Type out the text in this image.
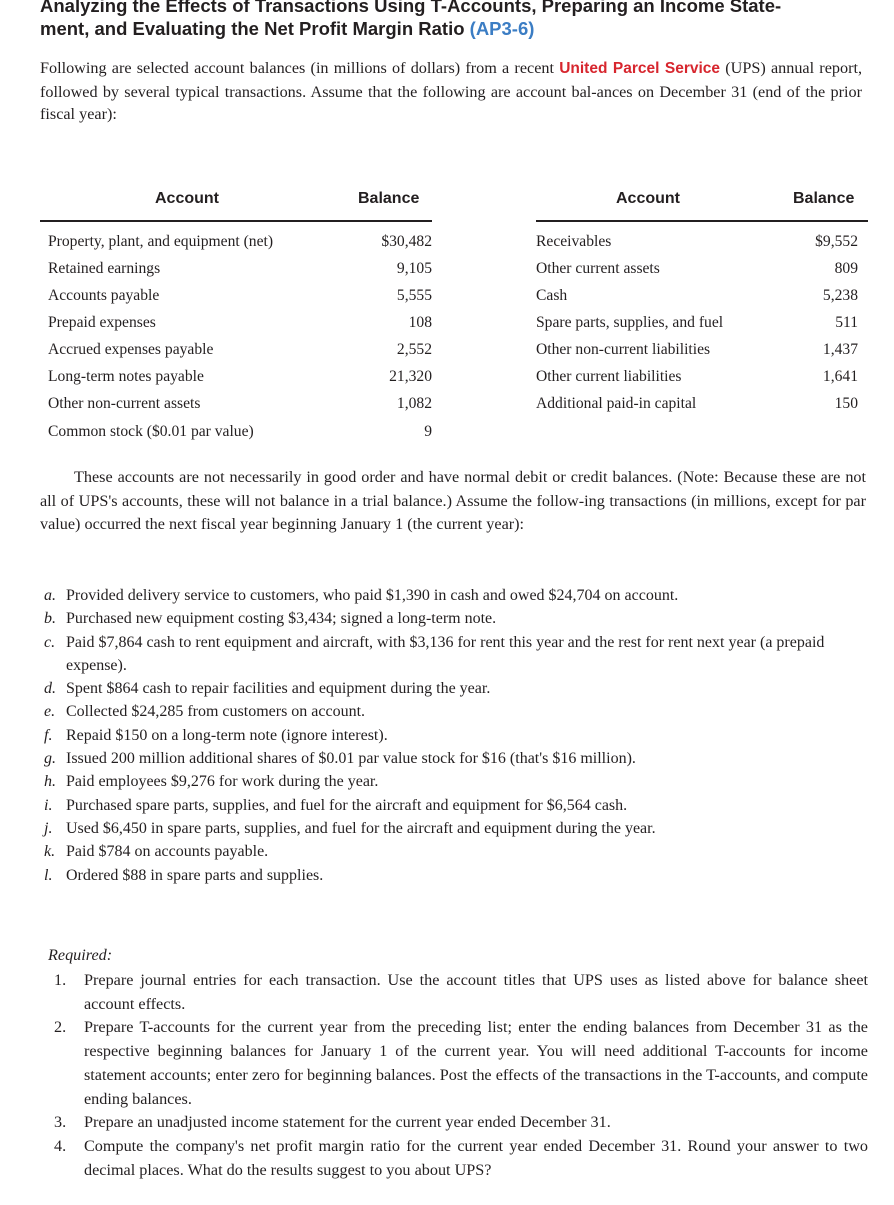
Analyzing the Effects of Transactions Using T-Accounts, Preparing an Income State-
ment, and Evaluating the Net Profit Margin Ratio (AP3-6)

Following are selected account balances (in millions of dollars) from a recent United Parcel Service (UPS) annual report, followed by several typical transactions. Assume that the following are account bal-ances on December 31 (end of the prior fiscal year):

Account	Balance	Account	Balance
Property, plant, and equipment (net)	$30,482
Retained earnings	9,105
Accounts payable	5,555
Prepaid expenses	108
Accrued expenses payable	2,552
Long-term notes payable	21,320
Other non-current assets	1,082
Common stock ($0.01 par value)	9
Receivables	$9,552
Other current assets	809
Cash	5,238
Spare parts, supplies, and fuel	511
Other non-current liabilities	1,437
Other current liabilities	1,641
Additional paid-in capital	150

These accounts are not necessarily in good order and have normal debit or credit balances. (Note: Because these are not all of UPS's accounts, these will not balance in a trial balance.) Assume the follow-ing transactions (in millions, except for par value) occurred the next fiscal year beginning January 1 (the current year):

a. Provided delivery service to customers, who paid $1,390 in cash and owed $24,704 on account.
b. Purchased new equipment costing $3,434; signed a long-term note.
c. Paid $7,864 cash to rent equipment and aircraft, with $3,136 for rent this year and the rest for rent next year (a prepaid expense).
d. Spent $864 cash to repair facilities and equipment during the year.
e. Collected $24,285 from customers on account.
f. Repaid $150 on a long-term note (ignore interest).
g. Issued 200 million additional shares of $0.01 par value stock for $16 (that's $16 million).
h. Paid employees $9,276 for work during the year.
i. Purchased spare parts, supplies, and fuel for the aircraft and equipment for $6,564 cash.
j. Used $6,450 in spare parts, supplies, and fuel for the aircraft and equipment during the year.
k. Paid $784 on accounts payable.
l. Ordered $88 in spare parts and supplies.
Required:
1. Prepare journal entries for each transaction. Use the account titles that UPS uses as listed above for balance sheet account effects.
2. Prepare T-accounts for the current year from the preceding list; enter the ending balances from December 31 as the respective beginning balances for January 1 of the current year. You will need additional T-accounts for income statement accounts; enter zero for beginning balances. Post the effects of the transactions in the T-accounts, and compute ending balances.
3. Prepare an unadjusted income statement for the current year ended December 31.
4. Compute the company's net profit margin ratio for the current year ended December 31. Round your answer to two decimal places. What do the results suggest to you about UPS?
